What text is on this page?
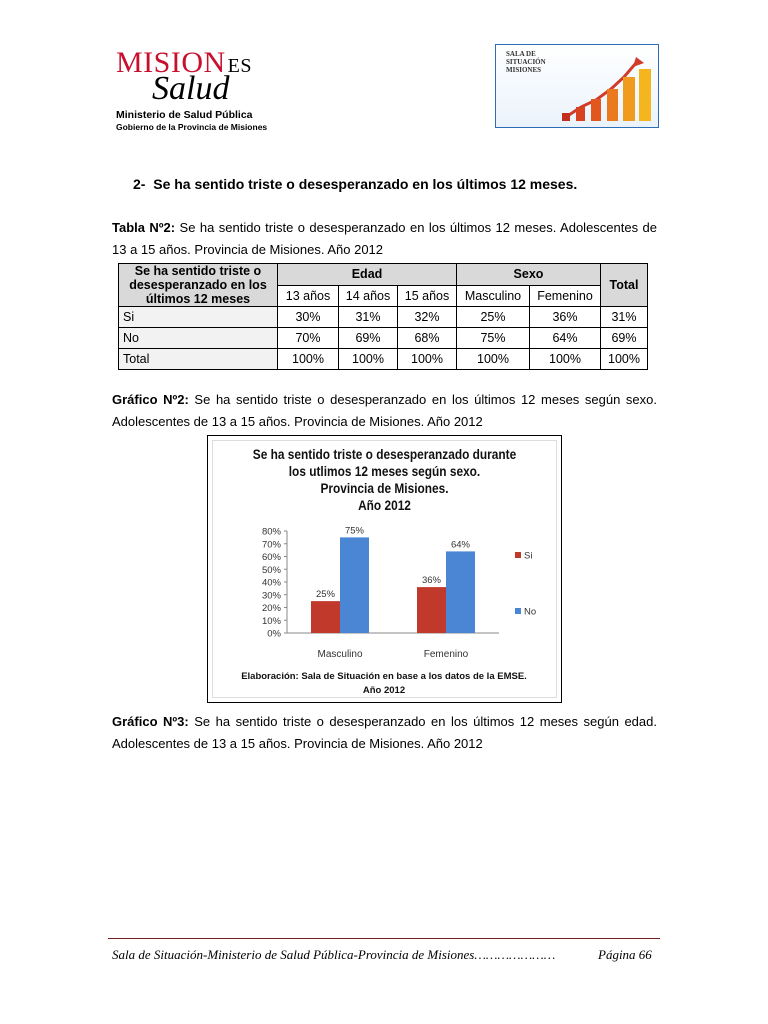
MISION ES
Salud
Ministerio de Salud Pública
Gobierno de la Provincia de Misiones
SALA DE
SITUACIÓN
MISIONES
2- Se ha sentido triste o desesperanzado en los últimos 12 meses.
Tabla Nº2: Se ha sentido triste o desesperanzado en los últimos 12 meses. Adolescentes de 13 a 15 años. Provincia de Misiones. Año 2012
Se ha sentido triste o desesperanzado en los últimos 12 meses	Edad			Sexo		Total
	13 años	14 años	15 años	Masculino	Femenino	
Si	30%	31%	32%	25%	36%	31%
No	70%	69%	68%	75%	64%	69%
Total	100%	100%	100%	100%	100%	100%
Gráfico Nº2: Se ha sentido triste o desesperanzado en los últimos 12 meses según sexo. Adolescentes de 13 a 15 años. Provincia de Misiones. Año 2012
Se ha sentido triste o desesperanzado durante
los utlimos 12 meses según sexo.
Provincia de Misiones.
Año 2012
0%
10%
20%
30%
40%
50%
60%
70%
80%
25%
75%
Masculino
36%
64%
Femenino
Si
No
Elaboración: Sala de Situación en base a los datos de la EMSE.
Año 2012
Gráfico Nº3: Se ha sentido triste o desesperanzado en los últimos 12 meses según edad. Adolescentes de 13 a 15 años. Provincia de Misiones. Año 2012
Sala de Situación-Ministerio de Salud Pública-Provincia de Misiones…………………	Página 66
